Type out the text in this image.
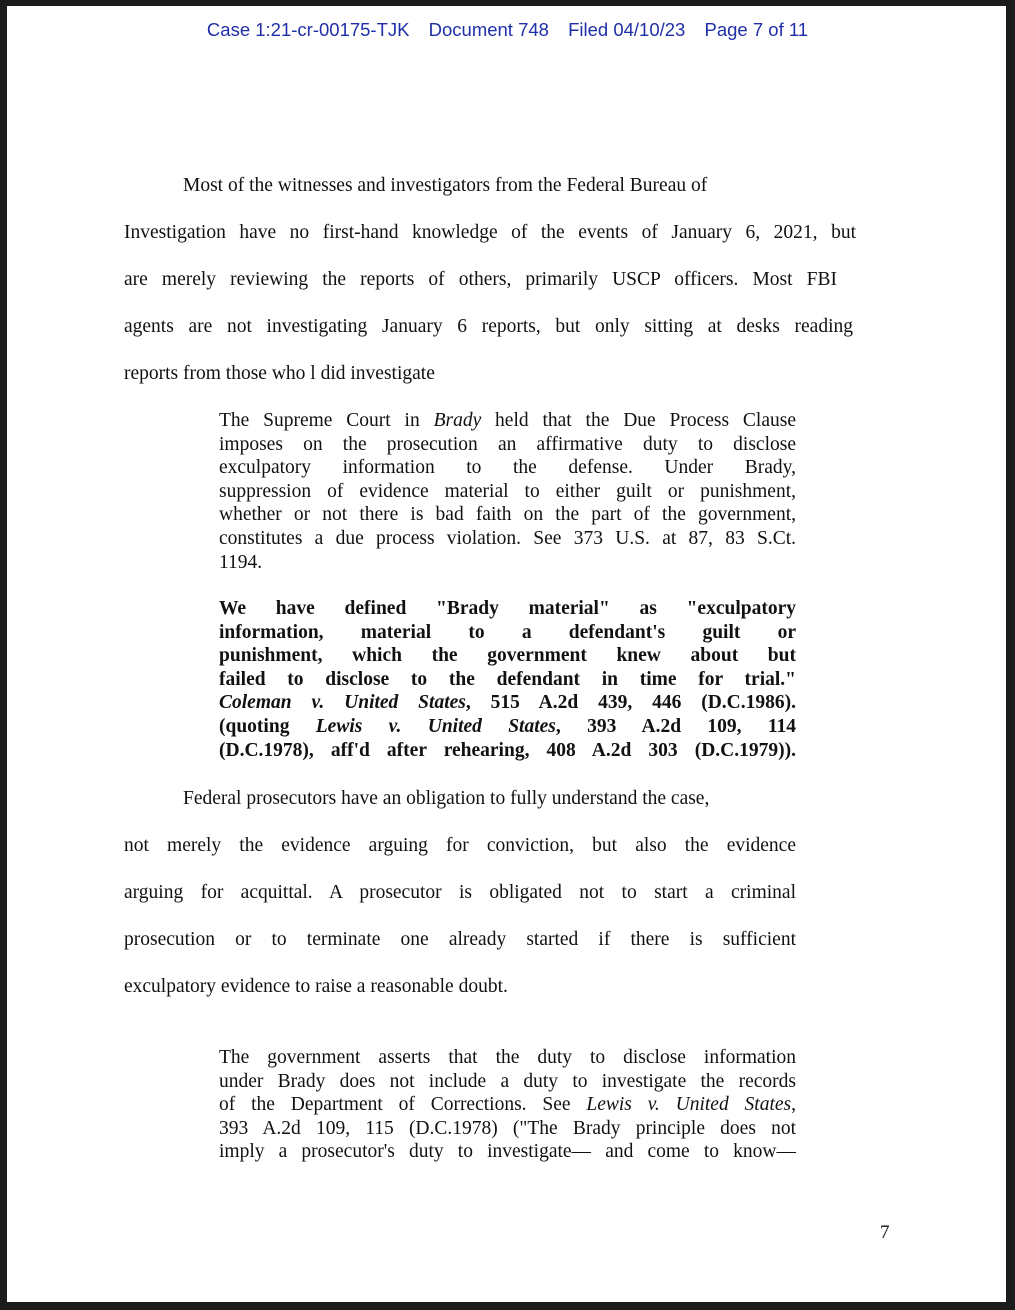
Case 1:21-cr-00175-TJK Document 748 Filed 04/10/23 Page 7 of 11
Most of the witnesses and investigators from the Federal Bureau of
Investigation have no first-hand knowledge of the events of January 6, 2021, but
are merely reviewing the reports of others, primarily USCP officers. Most FBI
agents are not investigating January 6 reports, but only sitting at desks reading
reports from those who l did investigate
The Supreme Court in Brady held that the Due Process Clause
imposes on the prosecution an affirmative duty to disclose
exculpatory information to the defense. Under Brady,
suppression of evidence material to either guilt or punishment,
whether or not there is bad faith on the part of the government,
constitutes a due process violation. See 373 U.S. at 87, 83 S.Ct.
1194.
We have defined "Brady material" as "exculpatory
information, material to a defendant's guilt or
punishment, which the government knew about but
failed to disclose to the defendant in time for trial."
Coleman v. United States, 515 A.2d 439, 446 (D.C.1986).
(quoting Lewis v. United States, 393 A.2d 109, 114
(D.C.1978), aff'd after rehearing, 408 A.2d 303 (D.C.1979)).
Federal prosecutors have an obligation to fully understand the case,
not merely the evidence arguing for conviction, but also the evidence
arguing for acquittal. A prosecutor is obligated not to start a criminal
prosecution or to terminate one already started if there is sufficient
exculpatory evidence to raise a reasonable doubt.
The government asserts that the duty to disclose information
under Brady does not include a duty to investigate the records
of the Department of Corrections. See Lewis v. United States,
393 A.2d 109, 115 (D.C.1978) ("The Brady principle does not
imply a prosecutor's duty to investigate— and come to know—
7
